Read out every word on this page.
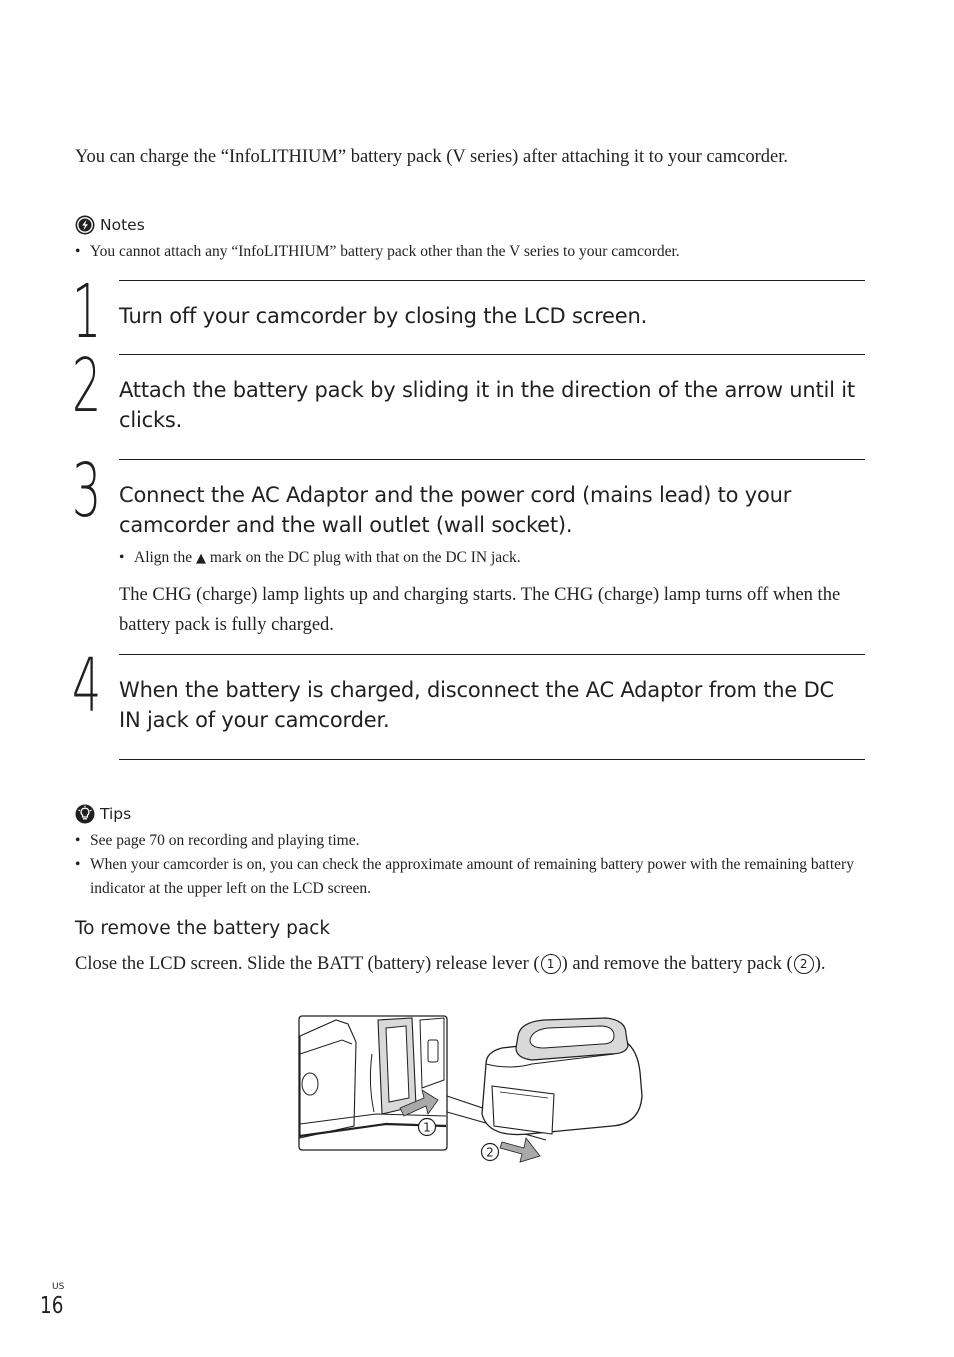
You can charge the “InfoLITHIUM” battery pack (V series) after attaching it to your camcorder.
Notes
• You cannot attach any “InfoLITHIUM” battery pack other than the V series to your camcorder.
1 Turn off your camcorder by closing the LCD screen.
2 Attach the battery pack by sliding it in the direction of the arrow until it clicks.
3 Connect the AC Adaptor and the power cord (mains lead) to your camcorder and the wall outlet (wall socket).
• Align the ▲ mark on the DC plug with that on the DC IN jack.
The CHG (charge) lamp lights up and charging starts. The CHG (charge) lamp turns off when the battery pack is fully charged.
4 When the battery is charged, disconnect the AC Adaptor from the DC IN jack of your camcorder.
Tips
• See page 70 on recording and playing time.
• When your camcorder is on, you can check the approximate amount of remaining battery power with the remaining battery indicator at the upper left on the LCD screen.
To remove the battery pack
Close the LCD screen. Slide the BATT (battery) release lever ( 1 ) and remove the battery pack ( 2 ).
1
2
US
16
